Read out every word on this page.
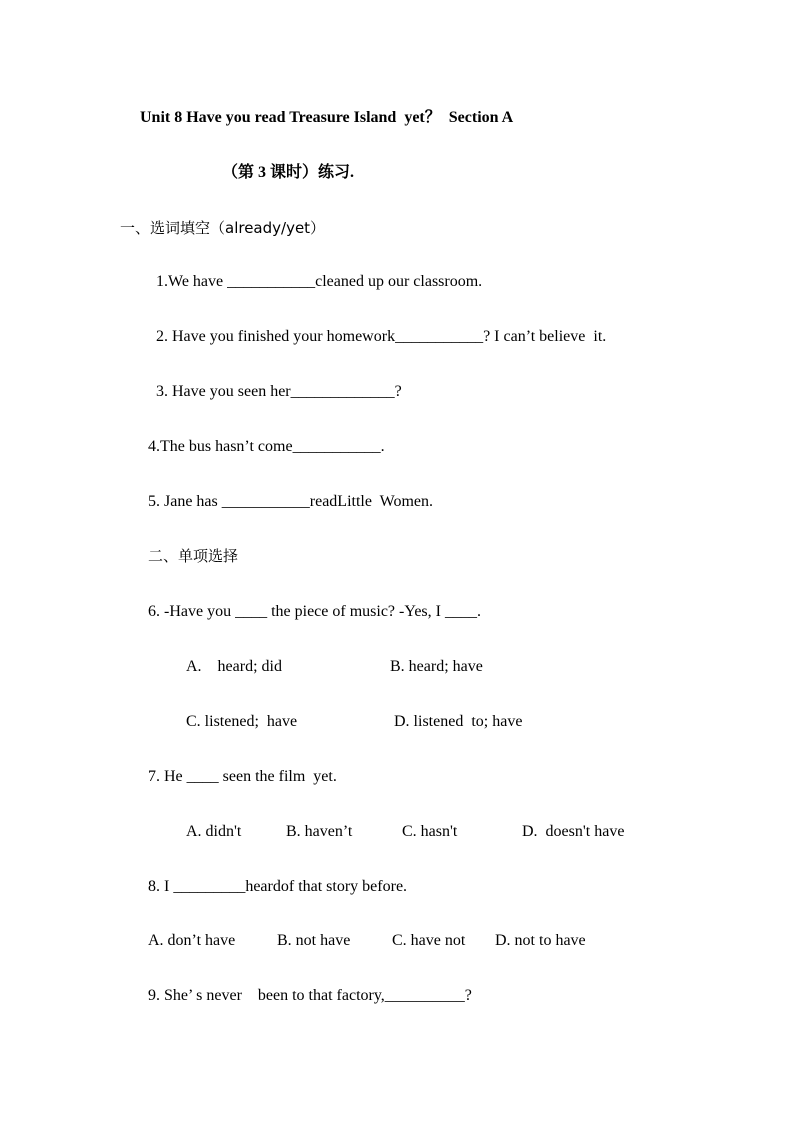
Unit 8 Have you read Treasure Island  yet？  Section A
（第 3 课时）练习.
一、选词填空（already/yet）
1.We have ___________cleaned up our classroom.
2. Have you finished your homework___________? I can’t believe  it.
3. Have you seen her_____________?
4.The bus hasn’t come___________.
5. Jane has ___________readLittle  Women.
二、单项选择
6. -Have you ____ the piece of music? -Yes, I ____.
A.    heard; did	B. heard; have
C. listened;  have	D. listened  to; have
7. He ____ seen the film  yet.
A. didn't	B. haven’t	C. hasn't	D.  doesn't have
8. I _________heardof that story before.
A. don’t have	B. not have	C. have not D. not to have
9. She’ s never    been to that factory,__________?
